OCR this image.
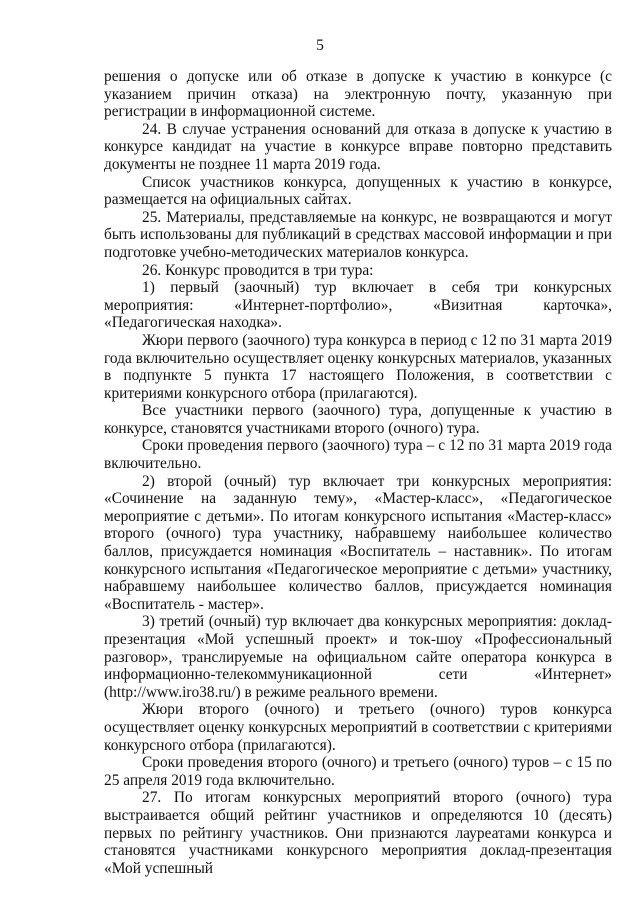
5

решения о допуске или об отказе в допуске к участию в конкурсе (с указанием причин отказа) на электронную почту, указанную при регистрации в информационной системе.

24. В случае устранения оснований для отказа в допуске к участию в конкурсе кандидат на участие в конкурсе вправе повторно представить документы не позднее 11 марта 2019 года.

Список участников конкурса, допущенных к участию в конкурсе, размещается на официальных сайтах.

25. Материалы, представляемые на конкурс, не возвращаются и могут быть использованы для публикаций в средствах массовой информации и при подготовке учебно-методических материалов конкурса.

26. Конкурс проводится в три тура:

1) первый (заочный) тур включает в себя три конкурсных мероприятия: «Интернет-портфолио», «Визитная карточка», «Педагогическая находка».

Жюри первого (заочного) тура конкурса в период с 12 по 31 марта 2019 года включительно осуществляет оценку конкурсных материалов, указанных в подпункте 5 пункта 17 настоящего Положения, в соответствии с критериями конкурсного отбора (прилагаются).

Все участники первого (заочного) тура, допущенные к участию в конкурсе, становятся участниками второго (очного) тура.

Сроки проведения первого (заочного) тура – с 12 по 31 марта 2019 года включительно.

2) второй (очный) тур включает три конкурсных мероприятия: «Сочинение на заданную тему», «Мастер-класс», «Педагогическое мероприятие с детьми». По итогам конкурсного испытания «Мастер-класс» второго (очного) тура участнику, набравшему наибольшее количество баллов, присуждается номинация «Воспитатель – наставник». По итогам конкурсного испытания «Педагогическое мероприятие с детьми» участнику, набравшему наибольшее количество баллов, присуждается номинация «Воспитатель - мастер».

3) третий (очный) тур включает два конкурсных мероприятия: доклад-презентация «Мой успешный проект» и ток-шоу «Профессиональный разговор», транслируемые на официальном сайте оператора конкурса в информационно-телекоммуникационной сети «Интернет» (http://www.iro38.ru/) в режиме реального времени.

Жюри второго (очного) и третьего (очного) туров конкурса осуществляет оценку конкурсных мероприятий в соответствии с критериями конкурсного отбора (прилагаются).

Сроки проведения второго (очного) и третьего (очного) туров – с 15 по 25 апреля 2019 года включительно.

27. По итогам конкурсных мероприятий второго (очного) тура выстраивается общий рейтинг участников и определяются 10 (десять) первых по рейтингу участников. Они признаются лауреатами конкурса и становятся участниками конкурсного мероприятия доклад-презентация «Мой успешный
